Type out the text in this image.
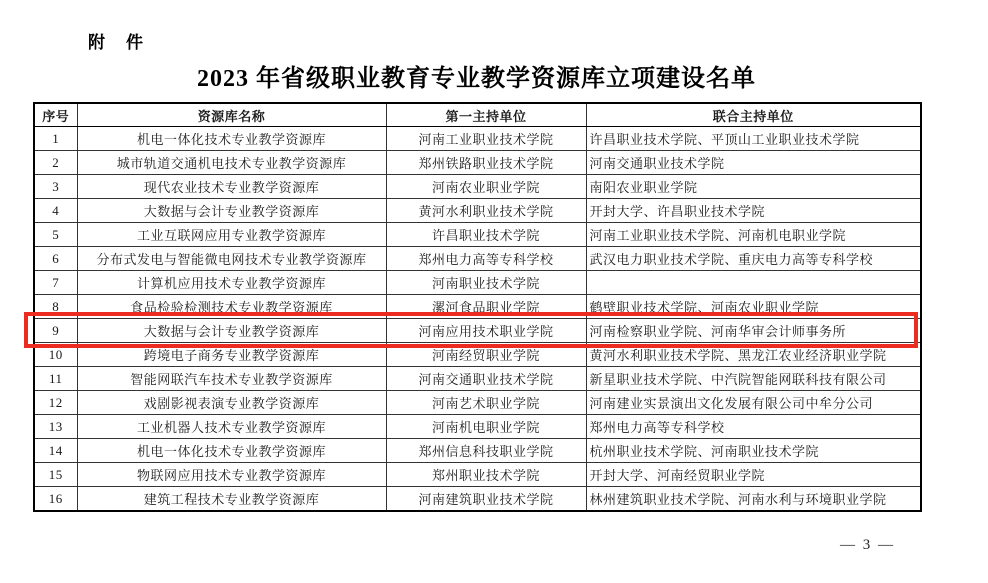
附　件
2023 年省级职业教育专业教学资源库立项建设名单
序号	资源库名称	第一主持单位	联合主持单位
1	机电一体化技术专业教学资源库	河南工业职业技术学院	许昌职业技术学院、平顶山工业职业技术学院
2	城市轨道交通机电技术专业教学资源库	郑州铁路职业技术学院	河南交通职业技术学院
3	现代农业技术专业教学资源库	河南农业职业学院	南阳农业职业学院
4	大数据与会计专业教学资源库	黄河水利职业技术学院	开封大学、许昌职业技术学院
5	工业互联网应用专业教学资源库	许昌职业技术学院	河南工业职业技术学院、河南机电职业学院
6	分布式发电与智能微电网技术专业教学资源库	郑州电力高等专科学校	武汉电力职业技术学院、重庆电力高等专科学校
7	计算机应用技术专业教学资源库	河南职业技术学院	
8	食品检验检测技术专业教学资源库	漯河食品职业学院	鹤壁职业技术学院、河南农业职业学院
9	大数据与会计专业教学资源库	河南应用技术职业学院	河南检察职业学院、河南华审会计师事务所
10	跨境电子商务专业教学资源库	河南经贸职业学院	黄河水利职业技术学院、黑龙江农业经济职业学院
11	智能网联汽车技术专业教学资源库	河南交通职业技术学院	新星职业技术学院、中汽院智能网联科技有限公司
12	戏剧影视表演专业教学资源库	河南艺术职业学院	河南建业实景演出文化发展有限公司中牟分公司
13	工业机器人技术专业教学资源库	河南机电职业学院	郑州电力高等专科学校
14	机电一体化技术专业教学资源库	郑州信息科技职业学院	杭州职业技术学院、河南职业技术学院
15	物联网应用技术专业教学资源库	郑州职业技术学院	开封大学、河南经贸职业学院
16	建筑工程技术专业教学资源库	河南建筑职业技术学院	林州建筑职业技术学院、河南水利与环境职业学院
— 3 —
